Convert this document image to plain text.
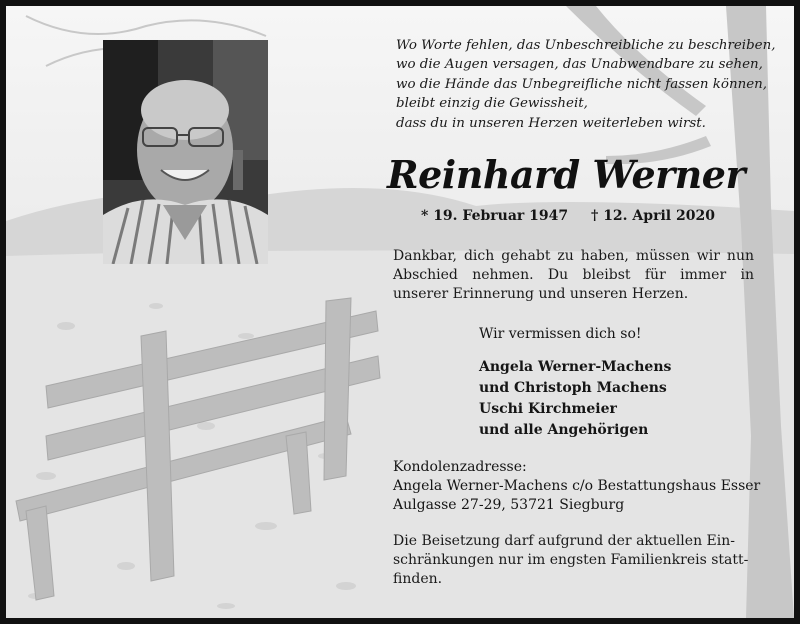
Wo Worte fehlen, das Unbeschreibliche zu beschreiben,
wo die Augen versagen, das Unabwendbare zu sehen,
wo die Hände das Unbegreifliche nicht fassen können,
bleibt einzig die Gewissheit,
dass du in unseren Herzen weiterleben wirst.
Reinhard Werner
* 19. Februar 1947 † 12. April 2020
Dankbar, dich gehabt zu haben, müssen wir nun Abschied nehmen. Du bleibst für immer in unserer Erinnerung und unseren Herzen.
Wir vermissen dich so!
Angela Werner-Machens
und Christoph Machens
Uschi Kirchmeier
und alle Angehörigen
Kondolenzadresse:
Angela Werner-Machens c/o Bestattungshaus Esser
Aulgasse 27-29, 53721 Siegburg
Die Beisetzung darf aufgrund der aktuellen Ein-
schränkungen nur im engsten Familienkreis statt-
finden.
